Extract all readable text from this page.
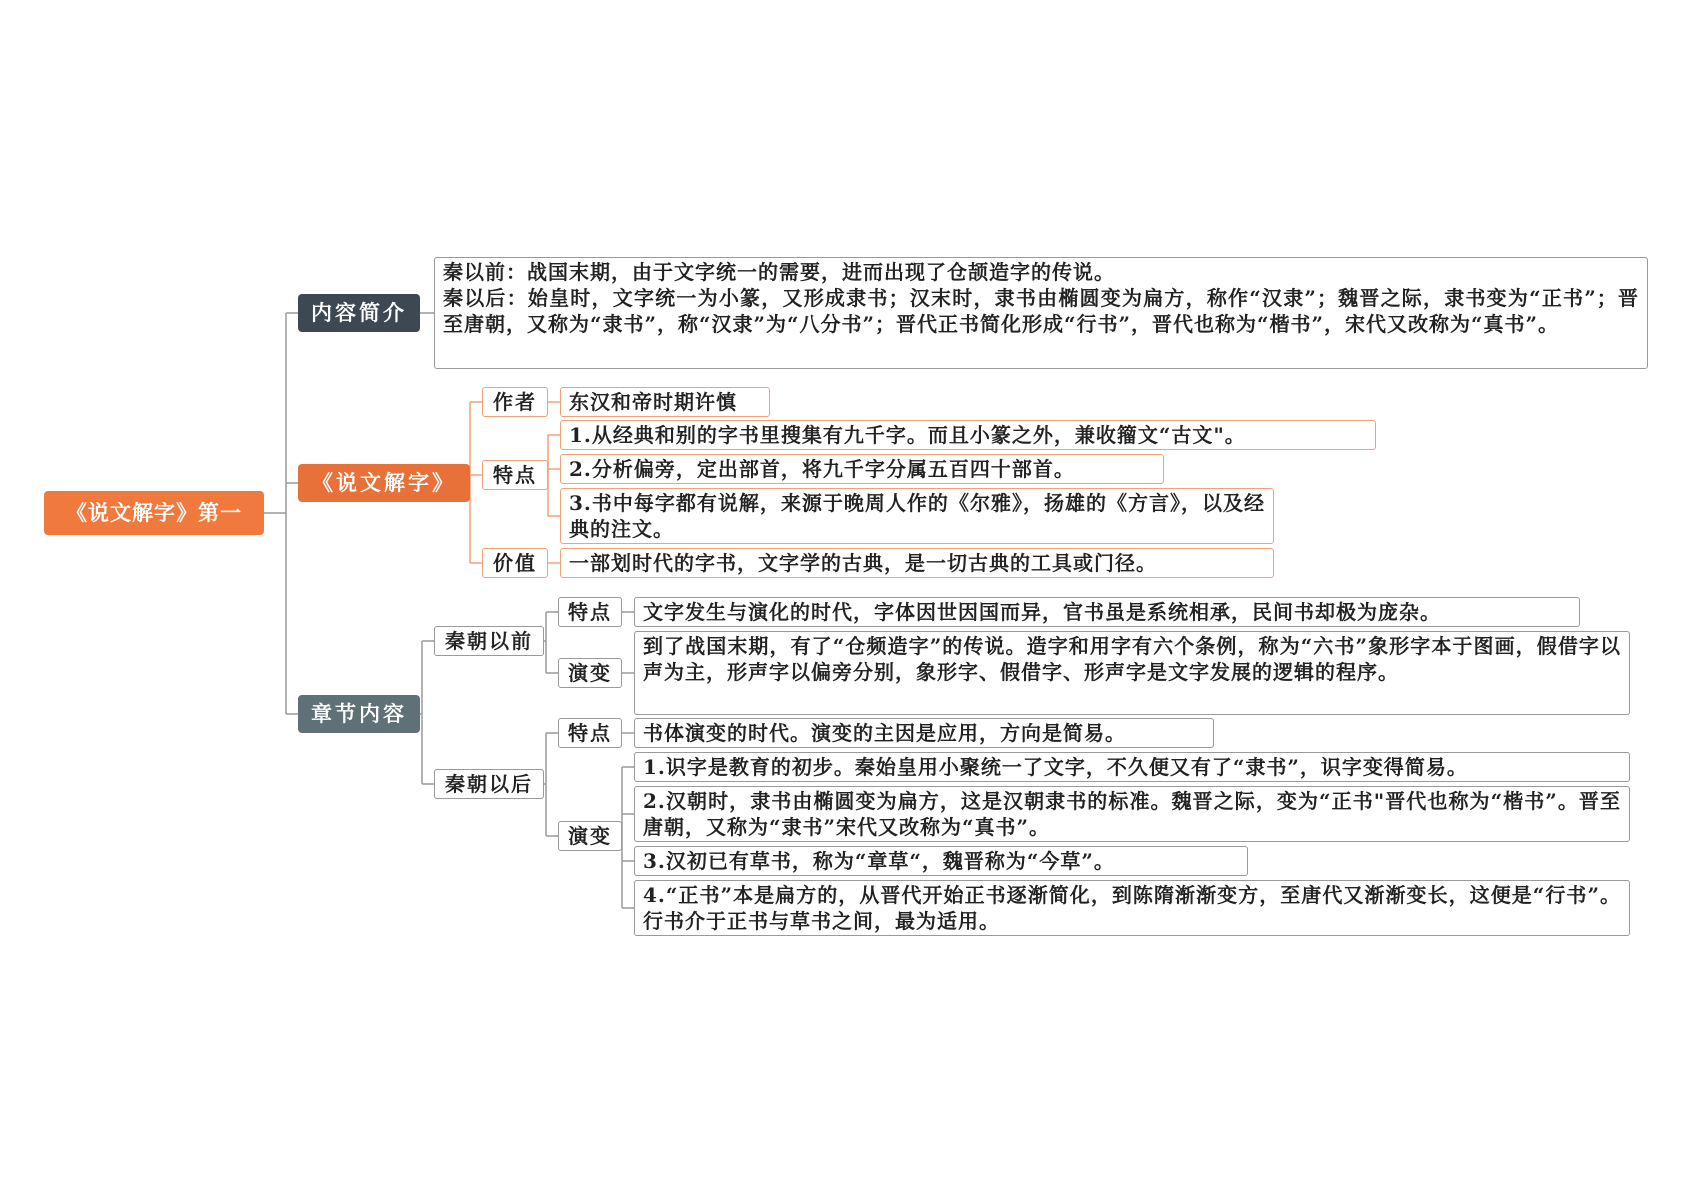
《说文解字》第一
内容简介
秦以前：战国末期，由于文字统一的需要，进而出现了仓颉造字的传说。
秦以后：始皇时，文字统一为小篆，又形成隶书；汉末时，隶书由椭圆变为扁方，称作“汉隶”；魏晋之际，隶书变为“正书”；晋至唐朝，又称为“隶书”，称“汉隶”为“八分书”；晋代正书简化形成“行书”，晋代也称为“楷书”，宋代又改称为“真书”。
《说文解字》
作者	东汉和帝时期许慎
特点
1.从经典和别的字书里搜集有九千字。而且小篆之外，兼收籀文“古文"。
2.分析偏旁，定出部首，将九千字分属五百四十部首。
3.书中每字都有说解，来源于晚周人作的《尔雅》，扬雄的《方言》，以及经典的注文。
价值	一部划时代的字书，文字学的古典，是一切古典的工具或门径。
章节内容
秦朝以前
特点	文字发生与演化的时代，字体因世因国而异，官书虽是系统相承，民间书却极为庞杂。
演变
到了战国末期，有了“仓频造字”的传说。造字和用字有六个条例，称为“六书”象形字本于图画，假借字以声为主，形声字以偏旁分别，象形字、假借字、形声字是文字发展的逻辑的程序。
秦朝以后
特点	书体演变的时代。演变的主因是应用，方向是简易。
演变
1.识字是教育的初步。秦始皇用小聚统一了文字，不久便又有了“隶书”，识字变得简易。
2.汉朝时，隶书由椭圆变为扁方，这是汉朝隶书的标准。魏晋之际，变为“正书"晋代也称为“楷书”。晋至唐朝，又称为“隶书”宋代又改称为“真书”。
3.汉初已有草书，称为“章草“，魏晋称为“今草”。
4.“正书”本是扁方的，从晋代开始正书逐渐简化，到陈隋渐渐变方，至唐代又渐渐变长，这便是“行书”。行书介于正书与草书之间，最为适用。
